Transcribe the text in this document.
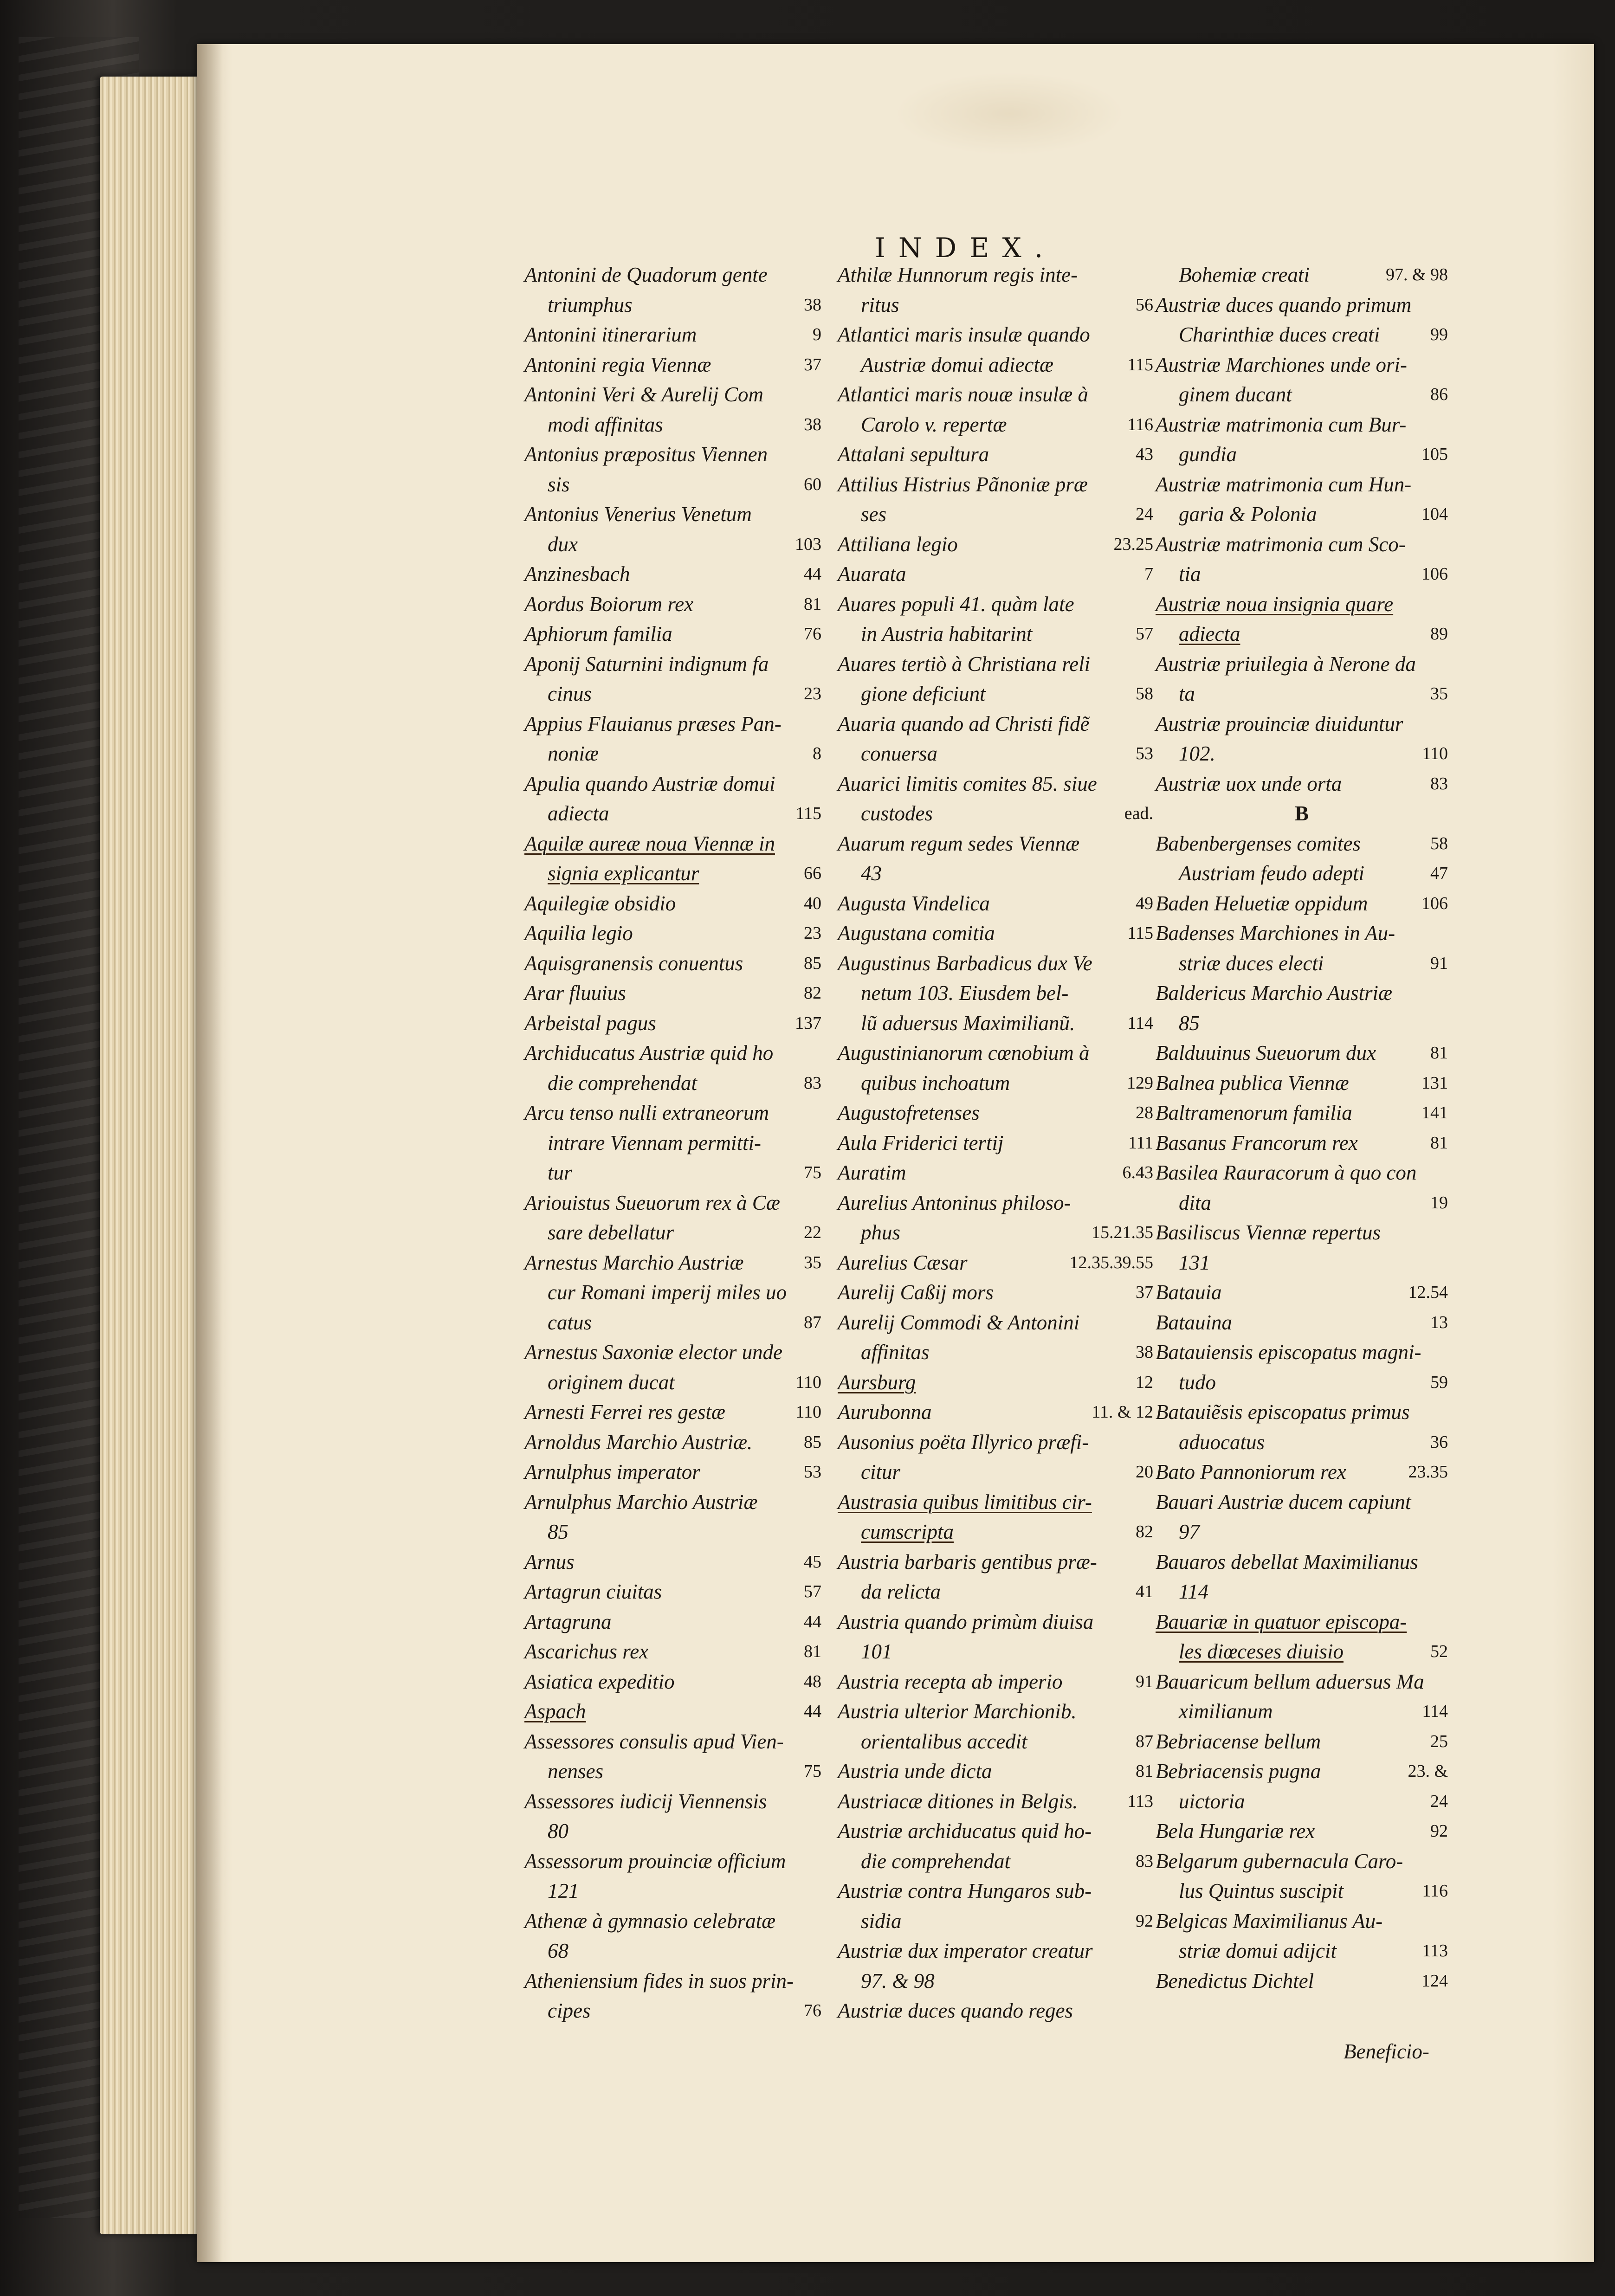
INDEX.
Antonini de Quadorum gente
triumphus	38
Antonini itinerarium	9
Antonini regia Viennæ	37
Antonini Veri & Aurelij Com
modi affinitas	38
Antonius præpositus Viennen
sis	60
Antonius Venerius Venetum
dux	103
Anzinesbach	44
Aordus Boiorum rex	81
Aphiorum familia	76
Aponij Saturnini indignum fa
cinus	23
Appius Flauianus præses Pan-
noniæ	8
Apulia quando Austriæ domui
adiecta	115
Aquilæ aureæ noua Viennæ in
signia explicantur	66
Aquilegiæ obsidio	40
Aquilia legio	23
Aquisgranensis conuentus	85
Arar fluuius	82
Arbeistal pagus	137
Archiducatus Austriæ quid ho
die comprehendat	83
Arcu tenso nulli extraneorum
intrare Viennam permitti-
tur	75
Ariouistus Sueuorum rex à Cæ
sare debellatur	22
Arnestus Marchio Austriæ	35
cur Romani imperij miles uo
catus	87
Arnestus Saxoniæ elector unde
originem ducat	110
Arnesti Ferrei res gestæ	110
Arnoldus Marchio Austriæ.	85
Arnulphus imperator	53
Arnulphus Marchio Austriæ
85
Arnus	45
Artagrun ciuitas	57
Artagruna	44
Ascarichus rex	81
Asiatica expeditio	48
Aspach	44
Assessores consulis apud Vien-
nenses	75
Assessores iudicij Viennensis
80
Assessorum prouinciæ officium
121
Athenæ à gymnasio celebratæ
68
Atheniensium fides in suos prin-
cipes	76
Athilæ Hunnorum regis inte-
ritus	56
Atlantici maris insulæ quando
Austriæ domui adiectæ	115
Atlantici maris nouæ insulæ à
Carolo v. repertæ	116
Attalani sepultura	43
Attilius Histrius Pãnoniæ præ
ses	24
Attiliana legio	23.25
Auarata	7
Auares populi 41. quàm late
in Austria habitarint	57
Auares tertiò à Christiana reli
gione deficiunt	58
Auaria quando ad Christi fidẽ
conuersa	53
Auarici limitis comites 85. siue
custodes	ead.
Auarum regum sedes Viennæ
43
Augusta Vindelica	49
Augustana comitia	115
Augustinus Barbadicus dux Ve
netum 103. Eiusdem bel-
lũ aduersus Maximilianũ.	114
Augustinianorum cœnobium à
quibus inchoatum	129
Augustofretenses	28
Aula Friderici tertij	111
Auratim	6.43
Aurelius Antoninus philoso-
phus	15.21.35
Aurelius Cæsar	12.35.39.55
Aurelij Caßij mors	37
Aurelij Commodi & Antonini
affinitas	38
Aursburg	12
Aurubonna	11. & 12
Ausonius poëta Illyrico præfi-
citur	20
Austrasia quibus limitibus cir-
cumscripta	82
Austria barbaris gentibus præ-
da relicta	41
Austria quando primùm diuisa
101
Austria recepta ab imperio	91
Austria ulterior Marchionib.
orientalibus accedit	87
Austria unde dicta	81
Austriacæ ditiones in Belgis.	113
Austriæ archiducatus quid ho-
die comprehendat	83
Austriæ contra Hungaros sub-
sidia	92
Austriæ dux imperator creatur
97. & 98
Austriæ duces quando reges
Bohemiæ creati	97. & 98
Austriæ duces quando primum
Charinthiæ duces creati	99
Austriæ Marchiones unde ori-
ginem ducant	86
Austriæ matrimonia cum Bur-
gundia	105
Austriæ matrimonia cum Hun-
garia & Polonia	104
Austriæ matrimonia cum Sco-
tia	106
Austriæ noua insignia quare
adiecta	89
Austriæ priuilegia à Nerone da
ta	35
Austriæ prouinciæ diuiduntur
102.	110
Austriæ uox unde orta	83
B
Babenbergenses comites	58
Austriam feudo adepti	47
Baden Heluetiæ oppidum	106
Badenses Marchiones in Au-
striæ duces electi	91
Baldericus Marchio Austriæ
85
Balduuinus Sueuorum dux	81
Balnea publica Viennæ	131
Baltramenorum familia	141
Basanus Francorum rex	81
Basilea Rauracorum à quo con
dita	19
Basiliscus Viennæ repertus
131
Batauia	12.54
Batauina	13
Batauiensis episcopatus magni-
tudo	59
Batauiẽsis episcopatus primus
aduocatus	36
Bato Pannoniorum rex	23.35
Bauari Austriæ ducem capiunt
97
Bauaros debellat Maximilianus
114
Bauariæ in quatuor episcopa-
les diœceses diuisio	52
Bauaricum bellum aduersus Ma
ximilianum	114
Bebriacense bellum	25
Bebriacensis pugna	23. &
uictoria	24
Bela Hungariæ rex	92
Belgarum gubernacula Caro-
lus Quintus suscipit	116
Belgicas Maximilianus Au-
striæ domui adijcit	113
Benedictus Dichtel	124
Beneficio-
